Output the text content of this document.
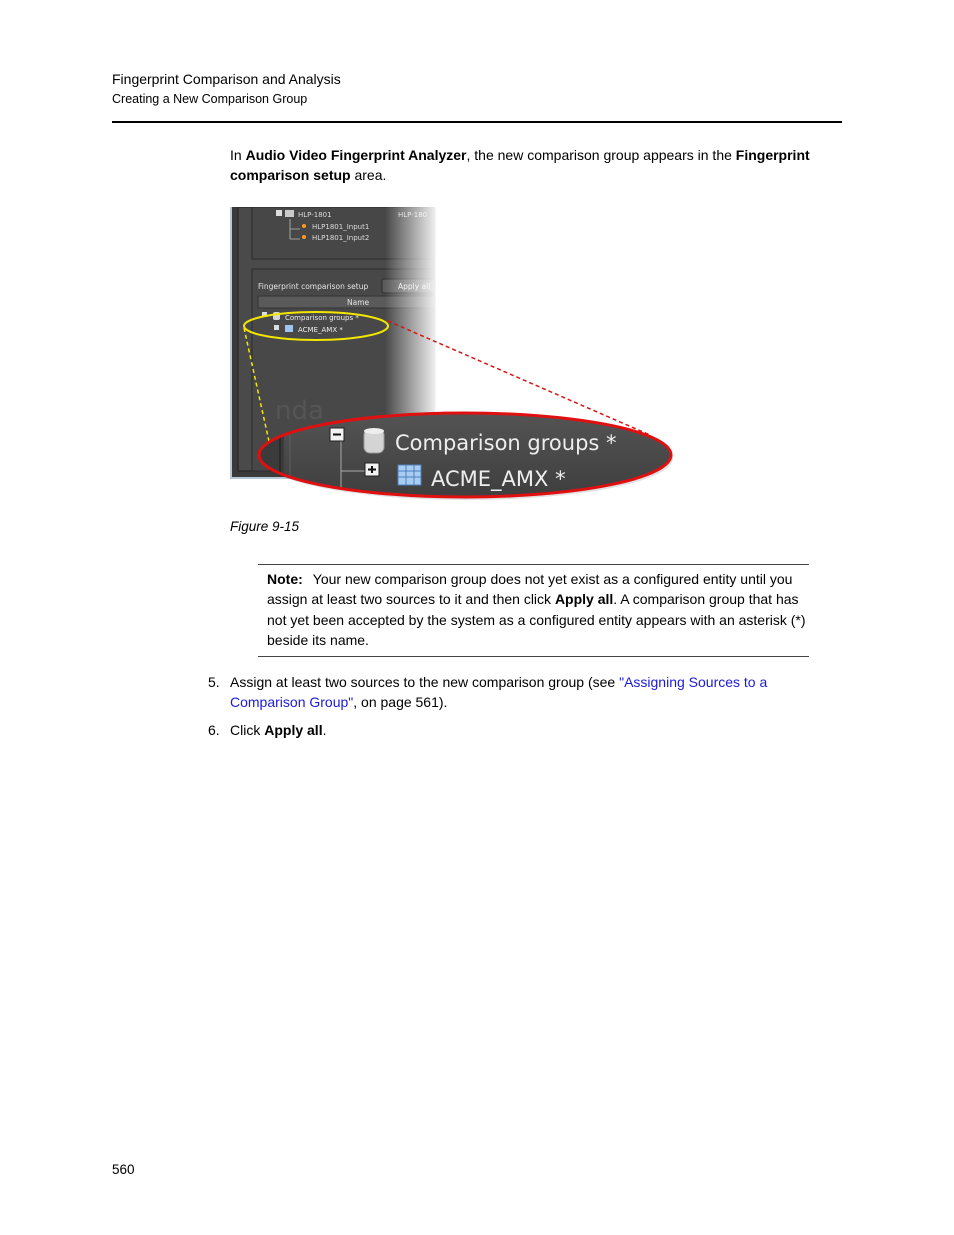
Fingerprint Comparison and Analysis
Creating a New Comparison Group
In Audio Video Fingerprint Analyzer, the new comparison group appears in the Fingerprint comparison setup area.
HLP-1801
HLP1801_Input1
HLP1801_Input2
Fingerprint comparison setup
Name
Comparison groups *
ACME_AMX *
nda
Comparison groups *
ACME_AMX *
Figure 9-15

Note: Your new comparison group does not yet exist as a configured entity until you assign at least two sources to it and then click Apply all. A comparison group that has not yet been accepted by the system as a configured entity appears with an asterisk (*) beside its name.

5. Assign at least two sources to the new comparison group (see "Assigning Sources to a Comparison Group", on page 561).
6. Click Apply all.
560
